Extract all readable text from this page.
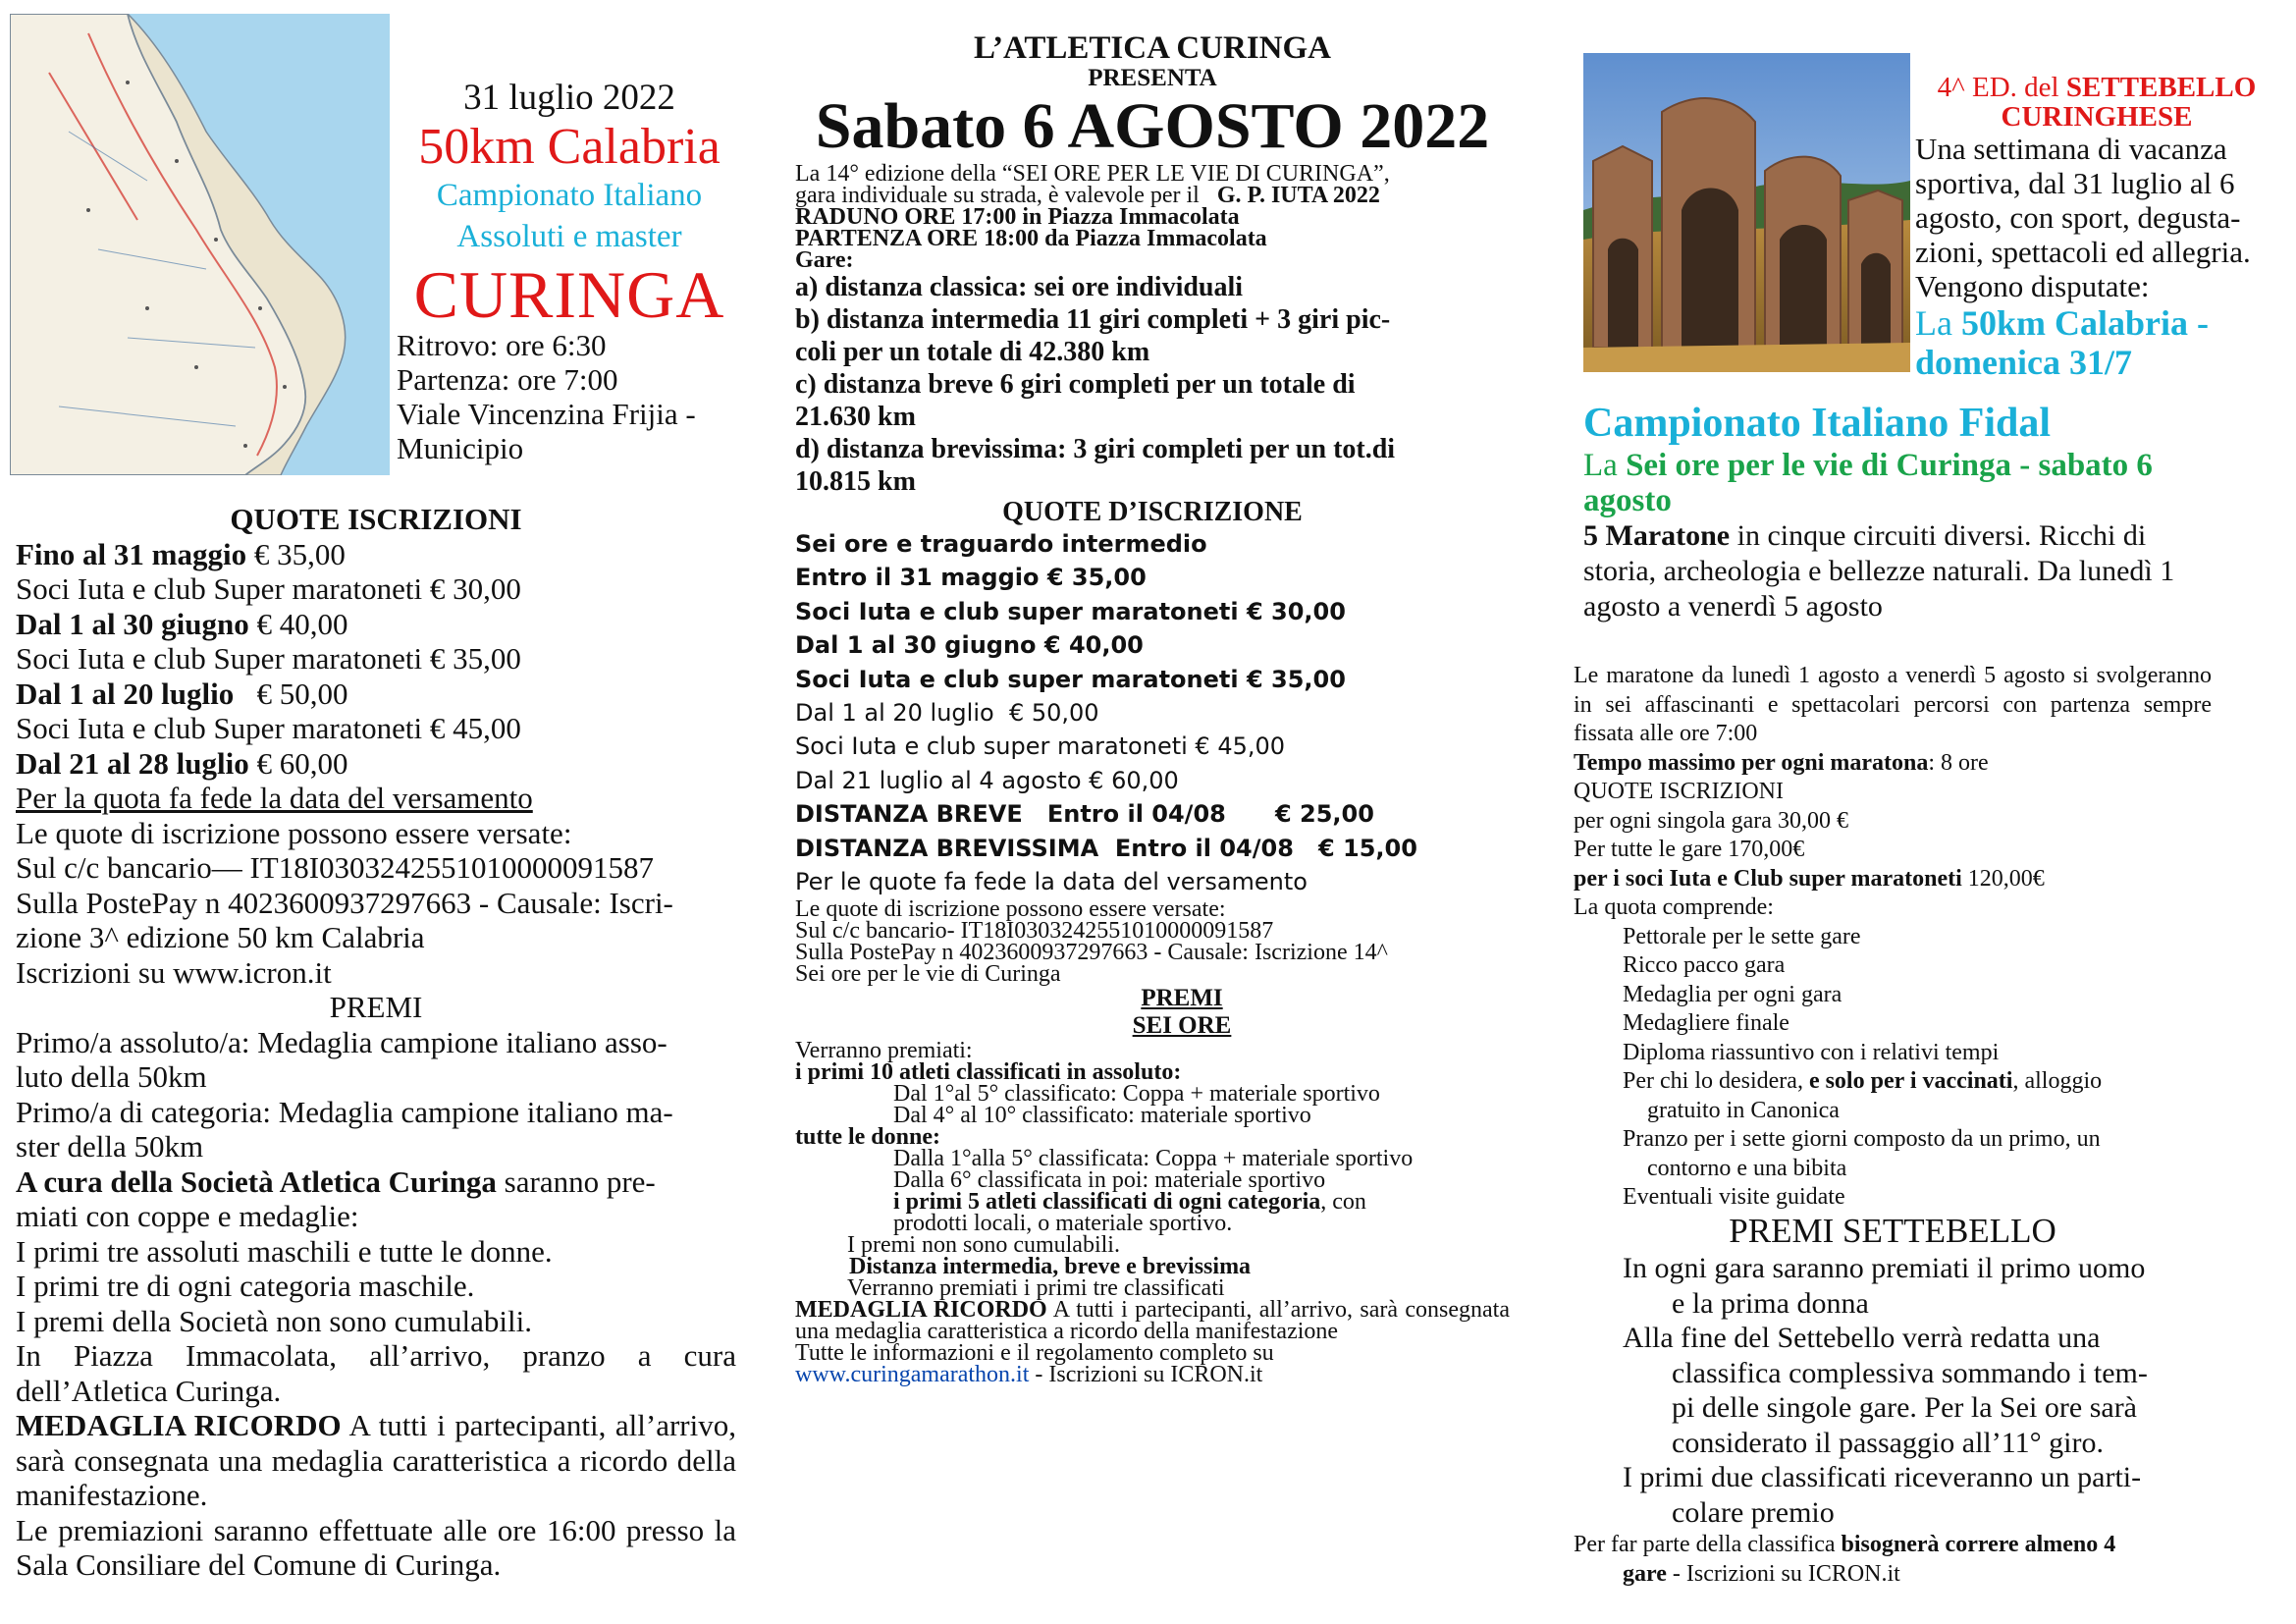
31 luglio 2022
50km Calabria
Campionato Italiano
Assoluti e master
CURINGA
Ritrovo: ore 6:30
Partenza: ore 7:00
Viale Vincenzina Frijia -
Municipio
QUOTE ISCRIZIONI
Fino al 31 maggio € 35,00
Soci Iuta e club Super maratoneti € 30,00
Dal 1 al 30 giugno € 40,00
Soci Iuta e club Super maratoneti € 35,00
Dal 1 al 20 luglio   € 50,00
Soci Iuta e club Super maratoneti € 45,00
Dal 21 al 28 luglio € 60,00
Per la quota fa fede la data del versamento
Le quote di iscrizione possono essere versate:
Sul c/c bancario— IT18I0303242551010000091587
Sulla PostePay n 4023600937297663 - Causale: Iscri-
zione 3^ edizione 50 km Calabria
Iscrizioni su www.icron.it
PREMI
Primo/a assoluto/a: Medaglia campione italiano asso-
luto della 50km
Primo/a di categoria: Medaglia campione italiano ma-
ster della 50km
A cura della Società Atletica Curinga saranno pre-
miati con coppe e medaglie:
I primi tre assoluti maschili e tutte le donne.
I primi tre di ogni categoria maschile.
I premi della Società non sono cumulabili.
In Piazza Immacolata, all’arrivo, pranzo a cura dell’Atletica Curinga.
MEDAGLIA RICORDO A tutti i partecipanti, all’arrivo, sarà consegnata una medaglia caratteristica a ricordo della manifestazione.
Le premiazioni saranno effettuate alle ore 16:00 presso la Sala Consiliare del Comune di Curinga.
L’ATLETICA CURINGA
PRESENTA
Sabato 6 AGOSTO 2022
La 14° edizione della “SEI ORE PER LE VIE DI CURINGA”,
gara individuale su strada, è valevole per il G. P. IUTA 2022
RADUNO ORE 17:00 in Piazza Immacolata
PARTENZA ORE 18:00 da Piazza Immacolata
Gare:
a) distanza classica: sei ore individuali
b) distanza intermedia 11 giri completi + 3 giri pic-
coli per un totale di 42.380 km
c) distanza breve 6 giri completi per un totale di
21.630 km
d) distanza brevissima: 3 giri completi per un tot.di
10.815 km
QUOTE D’ISCRIZIONE
Sei ore e traguardo intermedio
Entro il 31 maggio € 35,00
Soci Iuta e club super maratoneti € 30,00
Dal 1 al 30 giugno € 40,00
Soci Iuta e club super maratoneti € 35,00
Dal 1 al 20 luglio  € 50,00
Soci Iuta e club super maratoneti € 45,00
Dal 21 luglio al 4 agosto € 60,00
DISTANZA BREVE   Entro il 04/08      € 25,00
DISTANZA BREVISSIMA  Entro il 04/08   € 15,00
Per le quote fa fede la data del versamento
Le quote di iscrizione possono essere versate:
Sul c/c bancario- IT18I0303242551010000091587
Sulla PostePay n 4023600937297663 - Causale: Iscrizione 14^
Sei ore per le vie di Curinga
PREMI
SEI ORE
Verranno premiati:
i primi 10 atleti classificati in assoluto:
Dal 1°al 5° classificato: Coppa + materiale sportivo
Dal 4° al 10° classificato: materiale sportivo
tutte le donne:
Dalla 1°alla 5° classificata: Coppa + materiale sportivo
Dalla 6° classificata in poi: materiale sportivo
i primi 5 atleti classificati di ogni categoria, con
prodotti locali, o materiale sportivo.
I premi non sono cumulabili.
Distanza intermedia, breve e brevissima
Verranno premiati i primi tre classificati
MEDAGLIA RICORDO A tutti i partecipanti, all’arrivo, sarà consegnata una medaglia caratteristica a ricordo della manifestazione
Tutte le informazioni e il regolamento completo su
www.curingamarathon.it - Iscrizioni su ICRON.it
4^ ED. del SETTEBELLO
CURINGHESE
Una settimana di vacanza
sportiva, dal 31 luglio al 6
agosto, con sport, degusta-
zioni, spettacoli ed allegria.
Vengono disputate:
La 50km Calabria -
domenica 31/7
Campionato Italiano Fidal
La Sei ore per le vie di Curinga - sabato 6
agosto
5 Maratone in cinque circuiti diversi. Ricchi di
storia, archeologia e bellezze naturali. Da lunedì 1
agosto a venerdì 5 agosto
Le maratone da lunedì 1 agosto a venerdì 5 agosto si svolgeranno in sei affascinanti e spettacolari percorsi con partenza sempre fissata alle ore 7:00
Tempo massimo per ogni maratona: 8 ore
QUOTE ISCRIZIONI
per ogni singola gara 30,00 €
Per tutte le gare 170,00€
per i soci Iuta e Club super maratoneti 120,00€
La quota comprende:
Pettorale per le sette gare
Ricco pacco gara
Medaglia per ogni gara
Medagliere finale
Diploma riassuntivo con i relativi tempi
Per chi lo desidera, e solo per i vaccinati, alloggio
gratuito in Canonica
Pranzo per i sette giorni composto da un primo, un
contorno e una bibita
Eventuali visite guidate
PREMI SETTEBELLO
In ogni gara saranno premiati il primo uomo
e la prima donna
Alla fine del Settebello verrà redatta una
classifica complessiva sommando i tem-
pi delle singole gare. Per la Sei ore sarà
considerato il passaggio all’11° giro.
I primi due classificati riceveranno un parti-
colare premio
Per far parte della classifica bisognerà correre almeno 4
gare - Iscrizioni su ICRON.it
